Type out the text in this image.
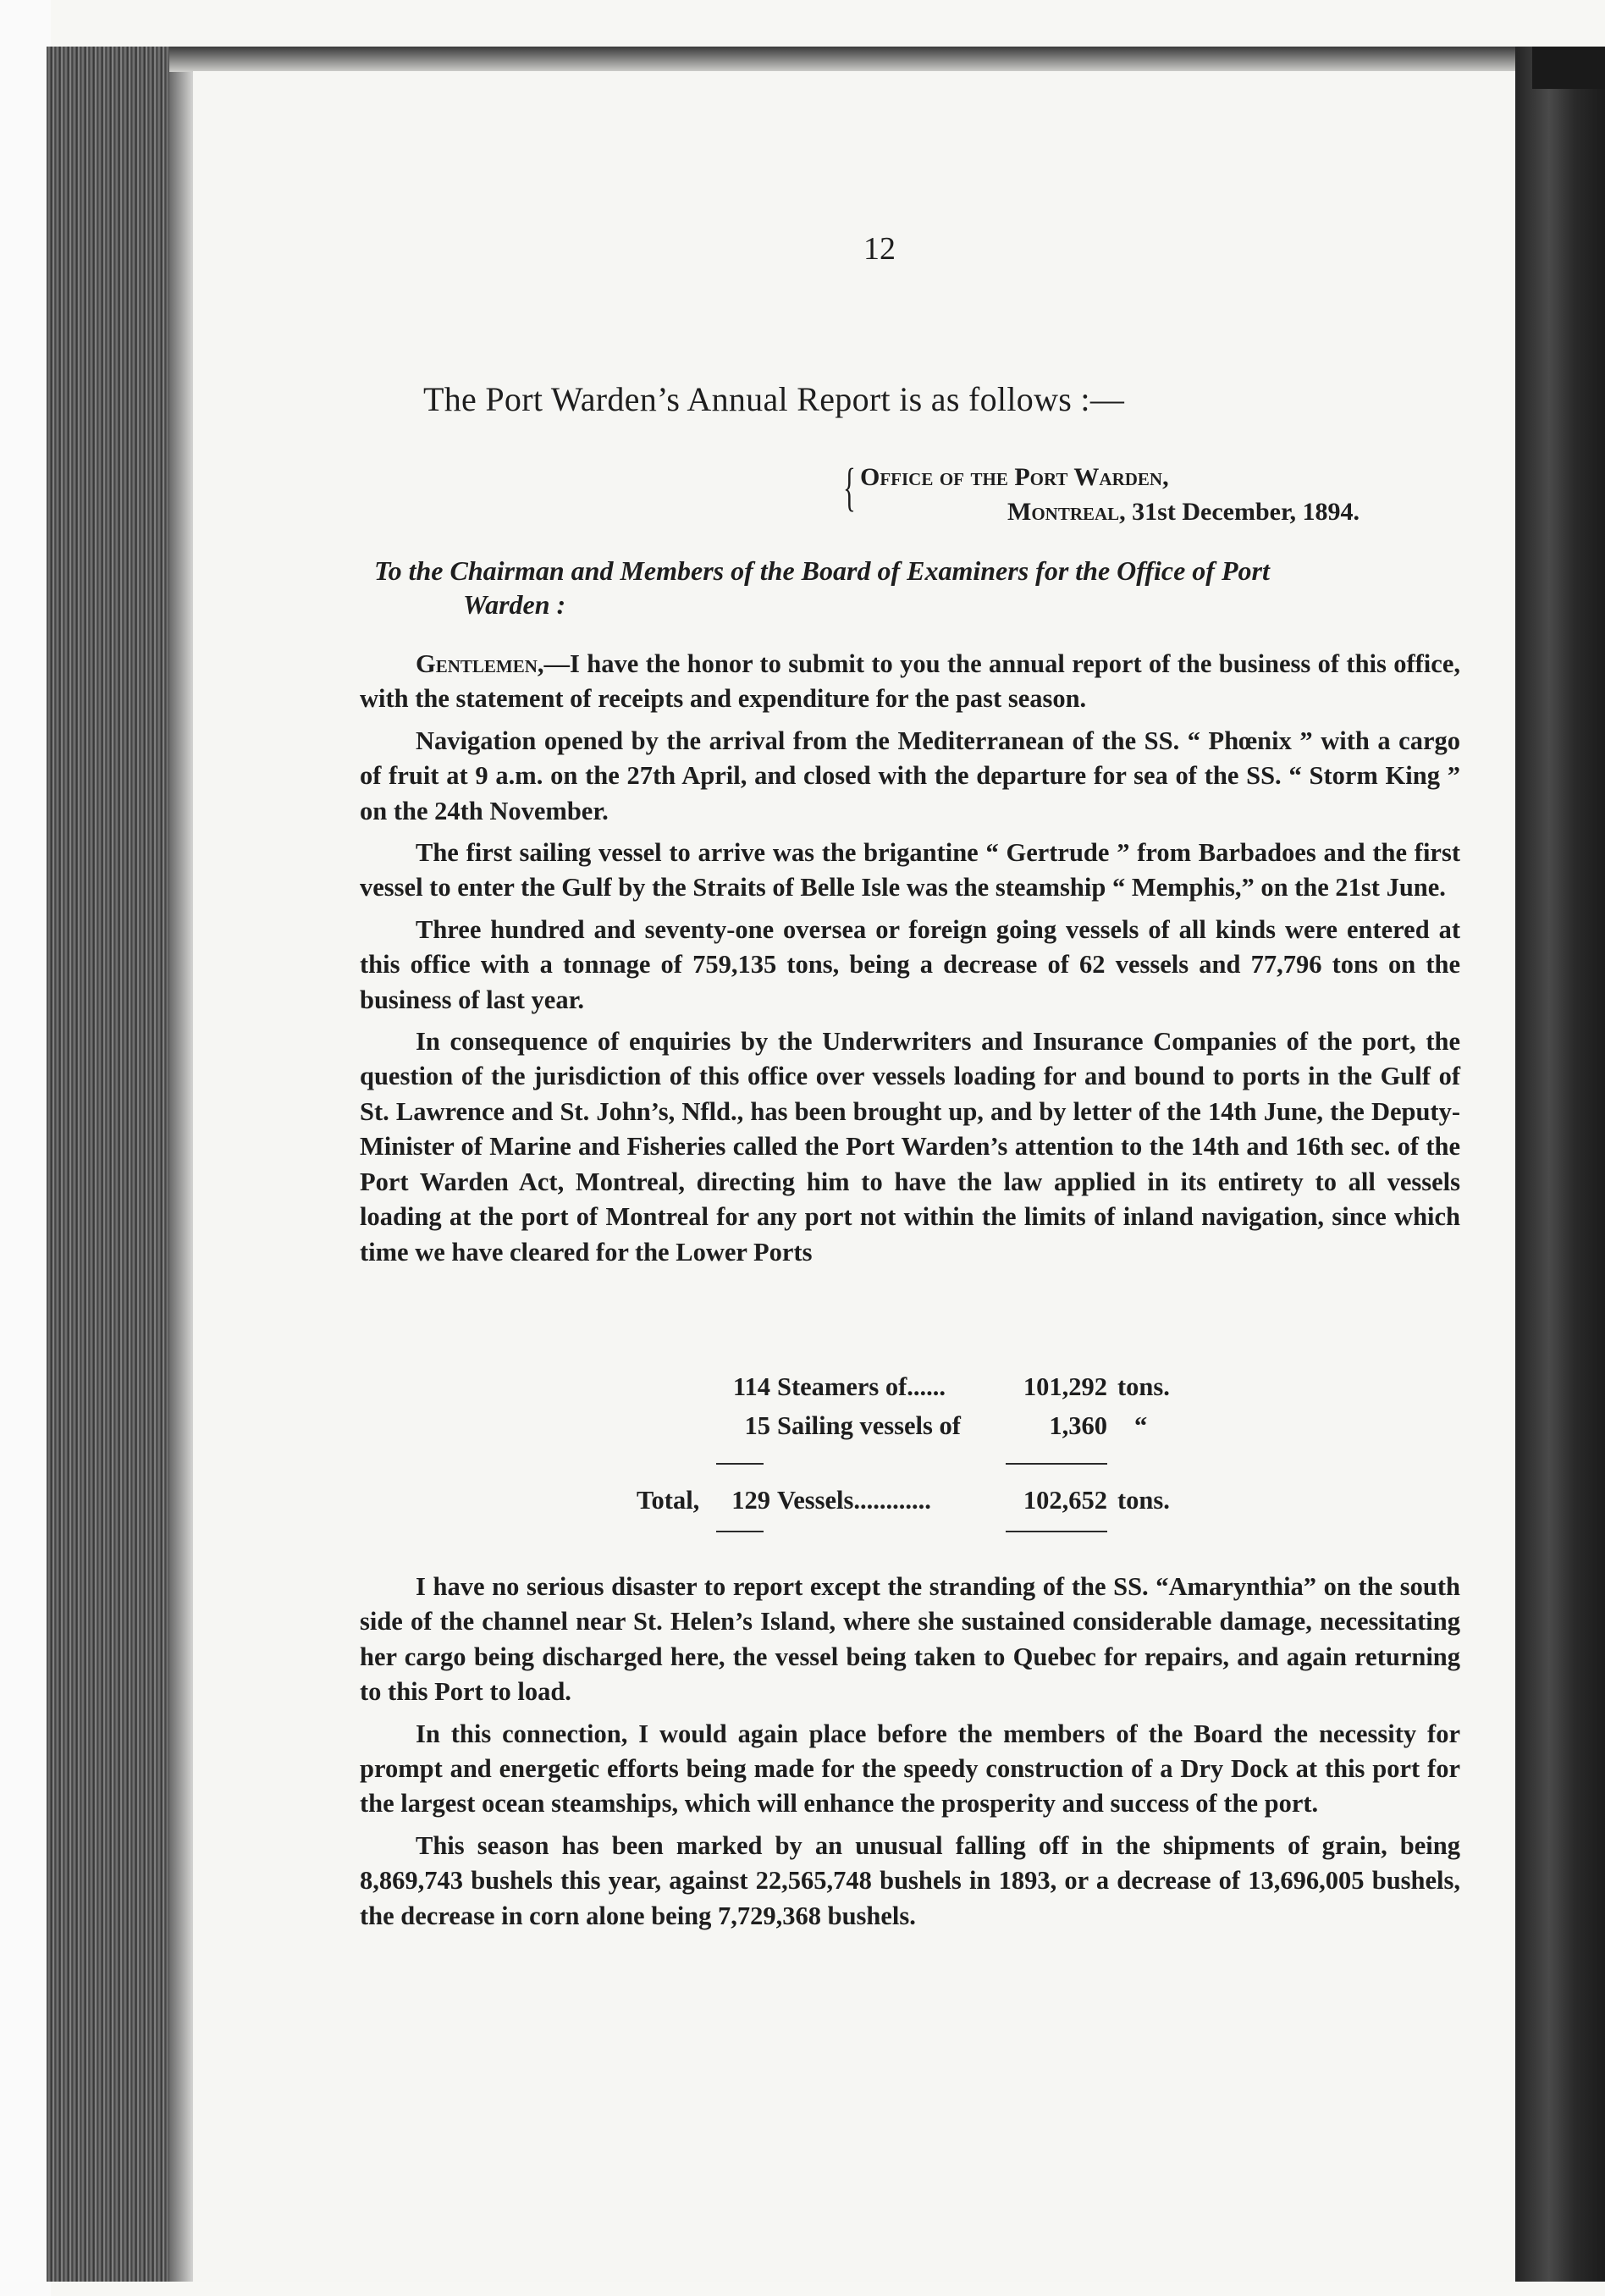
12
The Port Warden’s Annual Report is as follows :—
{ Office of the Port Warden,
Montreal, 31st December, 1894.
To the Chairman and Members of the Board of Examiners for the Office of Port
Warden :

Gentlemen,—I have the honor to submit to you the annual report of the business of this office, with the statement of receipts and expenditure for the past season.

Navigation opened by the arrival from the Mediterranean of the SS. “ Phœnix ” with a cargo of fruit at 9 a.m. on the 27th April, and closed with the departure for sea of the SS. “ Storm King ” on the 24th November.

The first sailing vessel to arrive was the brigantine “ Gertrude ” from Barbadoes and the first vessel to enter the Gulf by the Straits of Belle Isle was the steamship “ Memphis,” on the 21st June.

Three hundred and seventy-one oversea or foreign going vessels of all kinds were entered at this office with a tonnage of 759,135 tons, being a decrease of 62 vessels and 77,796 tons on the business of last year.

In consequence of enquiries by the Underwriters and Insurance Companies of the port, the question of the jurisdiction of this office over vessels loading for and bound to ports in the Gulf of St. Lawrence and St. John’s, Nfld., has been brought up, and by letter of the 14th June, the Deputy-Minister of Marine and Fisheries called the Port Warden’s attention to the 14th and 16th sec. of the Port Warden Act, Montreal, directing him to have the law applied in its entirety to all vessels loading at the port of Montreal for any port not within the limits of inland navigation, since which time we have cleared for the Lower Ports

114 Steamers of......	101,292 tons.
15 Sailing vessels of	1,360 “
Total,	129 Vessels............	102,652 tons.

I have no serious disaster to report except the stranding of the SS. “Amarynthia” on the south side of the channel near St. Helen’s Island, where she sustained considerable damage, necessitating her cargo being discharged here, the vessel being taken to Quebec for repairs, and again returning to this Port to load.

In this connection, I would again place before the members of the Board the necessity for prompt and energetic efforts being made for the speedy construction of a Dry Dock at this port for the largest ocean steamships, which will enhance the prosperity and success of the port.

This season has been marked by an unusual falling off in the shipments of grain, being 8,869,743 bushels this year, against 22,565,748 bushels in 1893, or a decrease of 13,696,005 bushels, the decrease in corn alone being 7,729,368 bushels.
